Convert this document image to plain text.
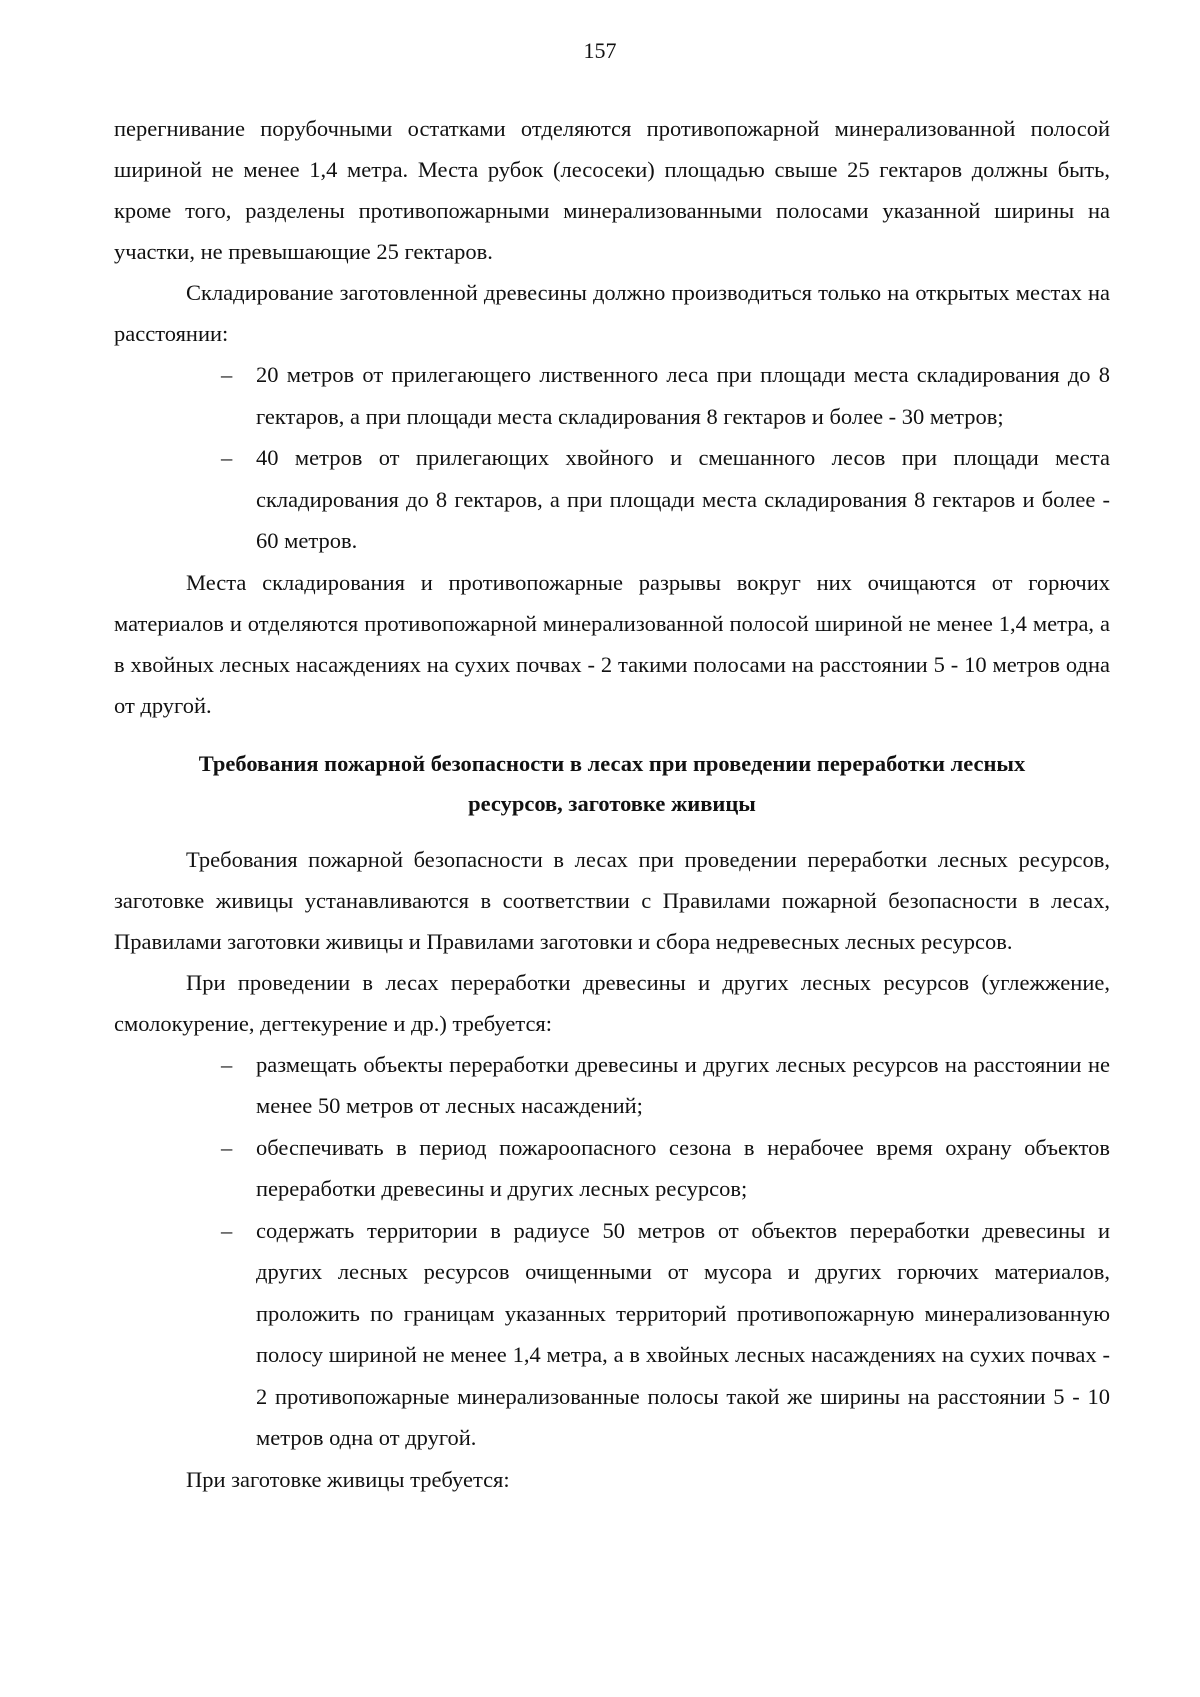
157

перегнивание порубочными остатками отделяются противопожарной минерализованной полосой шириной не менее 1,4 метра. Места рубок (лесосеки) площадью свыше 25 гектаров должны быть, кроме того, разделены противопожарными минерализованными полосами указанной ширины на участки, не превышающие 25 гектаров.

Складирование заготовленной древесины должно производиться только на открытых местах на расстоянии:

– 20 метров от прилегающего лиственного леса при площади места складирования до 8 гектаров, а при площади места складирования 8 гектаров и более - 30 метров;
– 40 метров от прилегающих хвойного и смешанного лесов при площади места складирования до 8 гектаров, а при площади места складирования 8 гектаров и более - 60 метров.

Места складирования и противопожарные разрывы вокруг них очищаются от горючих материалов и отделяются противопожарной минерализованной полосой шириной не менее 1,4 метра, а в хвойных лесных насаждениях на сухих почвах - 2 такими полосами на расстоянии 5 - 10 метров одна от другой.

Требования пожарной безопасности в лесах при проведении переработки лесных ресурсов, заготовке живицы

Требования пожарной безопасности в лесах при проведении переработки лесных ресурсов, заготовке живицы устанавливаются в соответствии с Правилами пожарной безопасности в лесах, Правилами заготовки живицы и Правилами заготовки и сбора недревесных лесных ресурсов.

При проведении в лесах переработки древесины и других лесных ресурсов (углежжение, смолокурение, дегтекурение и др.) требуется:

– размещать объекты переработки древесины и других лесных ресурсов на расстоянии не менее 50 метров от лесных насаждений;
– обеспечивать в период пожароопасного сезона в нерабочее время охрану объектов переработки древесины и других лесных ресурсов;
– содержать территории в радиусе 50 метров от объектов переработки древесины и других лесных ресурсов очищенными от мусора и других горючих материалов, проложить по границам указанных территорий противопожарную минерализованную полосу шириной не менее 1,4 метра, а в хвойных лесных насаждениях на сухих почвах - 2 противопожарные минерализованные полосы такой же ширины на расстоянии 5 - 10 метров одна от другой.

При заготовке живицы требуется:
